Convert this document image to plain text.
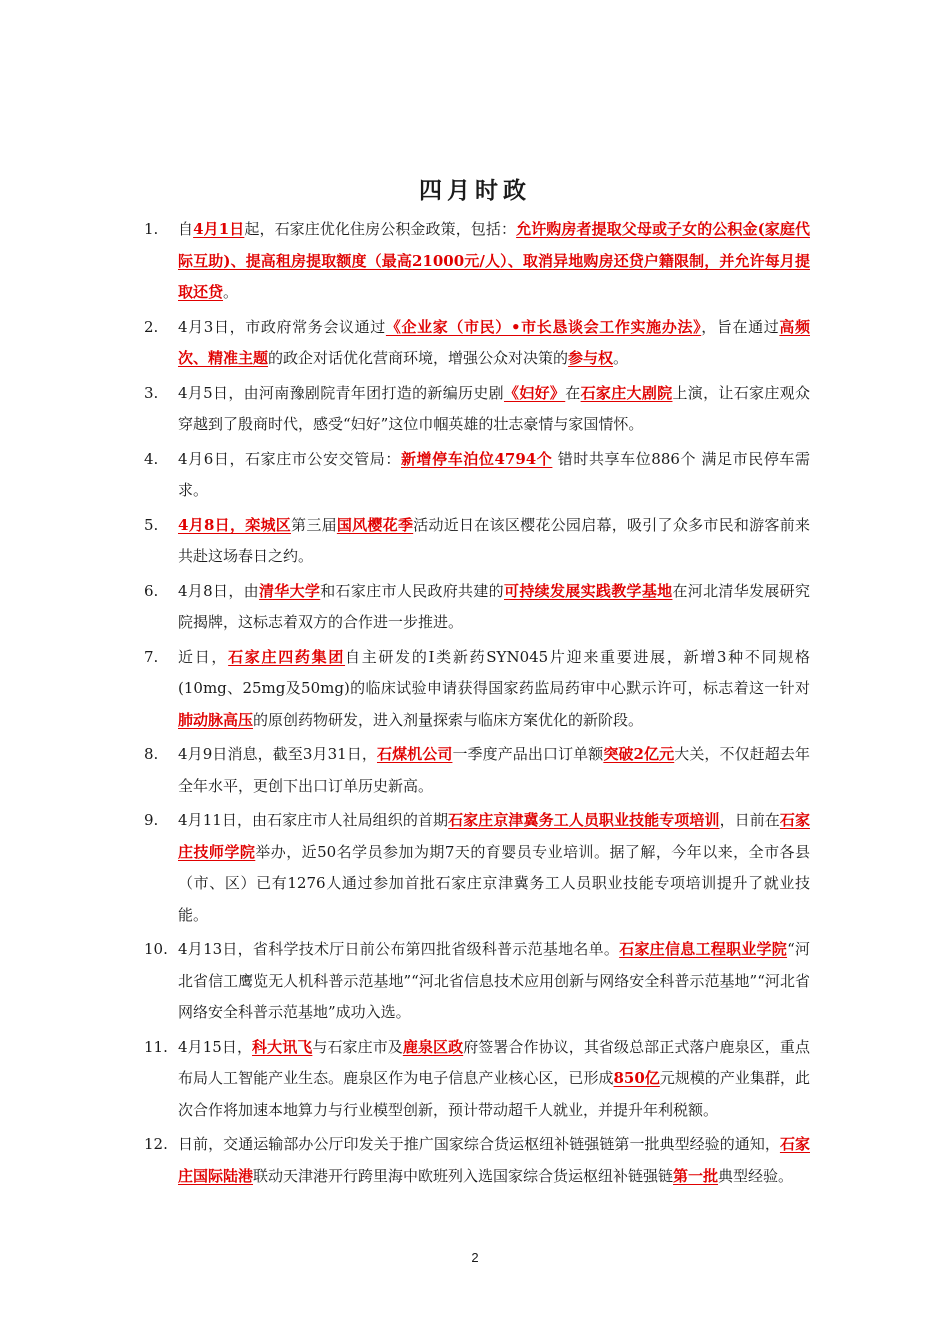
四月时政
1. 自4月1日起，石家庄优化住房公积金政策，包括：允许购房者提取父母或子女的公积金(家庭代际互助)、提高租房提取额度（最高21000元/人）、取消异地购房还贷户籍限制，并允许每月提取还贷。
2. 4月3日，市政府常务会议通过《企业家（市民）•市长恳谈会工作实施办法》，旨在通过高频次、精准主题的政企对话优化营商环境，增强公众对决策的参与权。
3. 4月5日，由河南豫剧院青年团打造的新编历史剧《妇好》在石家庄大剧院上演，让石家庄观众穿越到了殷商时代，感受“妇好”这位巾帼英雄的壮志豪情与家国情怀。
4. 4月6日，石家庄市公安交管局：新增停车泊位4794个 错时共享车位886个 满足市民停车需求。
5. 4月8日，栾城区第三届国风樱花季活动近日在该区樱花公园启幕，吸引了众多市民和游客前来共赴这场春日之约。
6. 4月8日，由清华大学和石家庄市人民政府共建的可持续发展实践教学基地在河北清华发展研究院揭牌，这标志着双方的合作进一步推进。
7. 近日，石家庄四药集团自主研发的I类新药SYN045片迎来重要进展，新增3种不同规格(10mg、25mg及50mg)的临床试验申请获得国家药监局药审中心默示许可，标志着这一针对肺动脉高压的原创药物研发，进入剂量探索与临床方案优化的新阶段。
8. 4月9日消息，截至3月31日，石煤机公司一季度产品出口订单额突破2亿元大关，不仅赶超去年全年水平，更创下出口订单历史新高。
9. 4月11日，由石家庄市人社局组织的首期石家庄京津冀务工人员职业技能专项培训，日前在石家庄技师学院举办，近50名学员参加为期7天的育婴员专业培训。据了解，今年以来，全市各县（市、区）已有1276人通过参加首批石家庄京津冀务工人员职业技能专项培训提升了就业技能。
10. 4月13日，省科学技术厅日前公布第四批省级科普示范基地名单。石家庄信息工程职业学院“河北省信工鹰览无人机科普示范基地”“河北省信息技术应用创新与网络安全科普示范基地”“河北省网络安全科普示范基地”成功入选。
11. 4月15日，科大讯飞与石家庄市及鹿泉区政府签署合作协议，其省级总部正式落户鹿泉区，重点布局人工智能产业生态。鹿泉区作为电子信息产业核心区，已形成850亿元规模的产业集群，此次合作将加速本地算力与行业模型创新，预计带动超千人就业，并提升年利税额。
12. 日前，交通运输部办公厅印发关于推广国家综合货运枢纽补链强链第一批典型经验的通知，石家庄国际陆港联动天津港开行跨里海中欧班列入选国家综合货运枢纽补链强链第一批典型经验。
2
